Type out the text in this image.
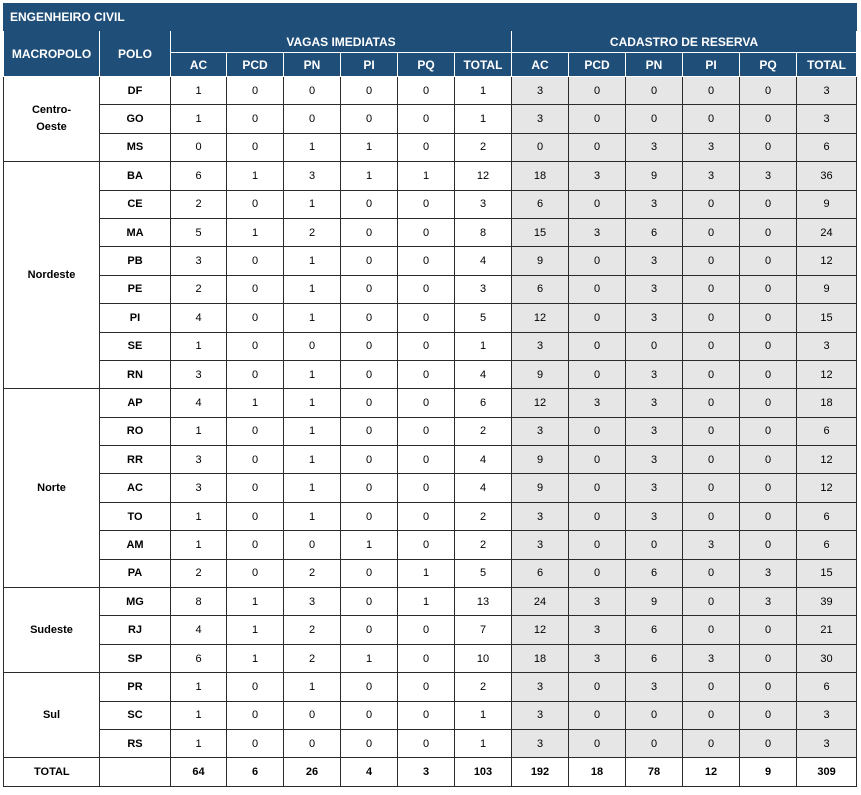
ENGENHEIRO CIVIL													
MACROPOLO	POLO	VAGAS IMEDIATAS						CADASTRO DE RESERVA					
		AC	PCD	PN	PI	PQ	TOTAL	AC	PCD	PN	PI	PQ	TOTAL
Centro-
Oeste	DF	1	0	0	0	0	1	3	0	0	0	0	3
	GO	1	0	0	0	0	1	3	0	0	0	0	3
	MS	0	0	1	1	0	2	0	0	3	3	0	6
Nordeste	BA	6	1	3	1	1	12	18	3	9	3	3	36
	CE	2	0	1	0	0	3	6	0	3	0	0	9
	MA	5	1	2	0	0	8	15	3	6	0	0	24
	PB	3	0	1	0	0	4	9	0	3	0	0	12
	PE	2	0	1	0	0	3	6	0	3	0	0	9
	PI	4	0	1	0	0	5	12	0	3	0	0	15
	SE	1	0	0	0	0	1	3	0	0	0	0	3
	RN	3	0	1	0	0	4	9	0	3	0	0	12
Norte	AP	4	1	1	0	0	6	12	3	3	0	0	18
	RO	1	0	1	0	0	2	3	0	3	0	0	6
	RR	3	0	1	0	0	4	9	0	3	0	0	12
	AC	3	0	1	0	0	4	9	0	3	0	0	12
	TO	1	0	1	0	0	2	3	0	3	0	0	6
	AM	1	0	0	1	0	2	3	0	0	3	0	6
	PA	2	0	2	0	1	5	6	0	6	0	3	15
Sudeste	MG	8	1	3	0	1	13	24	3	9	0	3	39
	RJ	4	1	2	0	0	7	12	3	6	0	0	21
	SP	6	1	2	1	0	10	18	3	6	3	0	30
Sul	PR	1	0	1	0	0	2	3	0	3	0	0	6
	SC	1	0	0	0	0	1	3	0	0	0	0	3
	RS	1	0	0	0	0	1	3	0	0	0	0	3
TOTAL		64	6	26	4	3	103	192	18	78	12	9	309
